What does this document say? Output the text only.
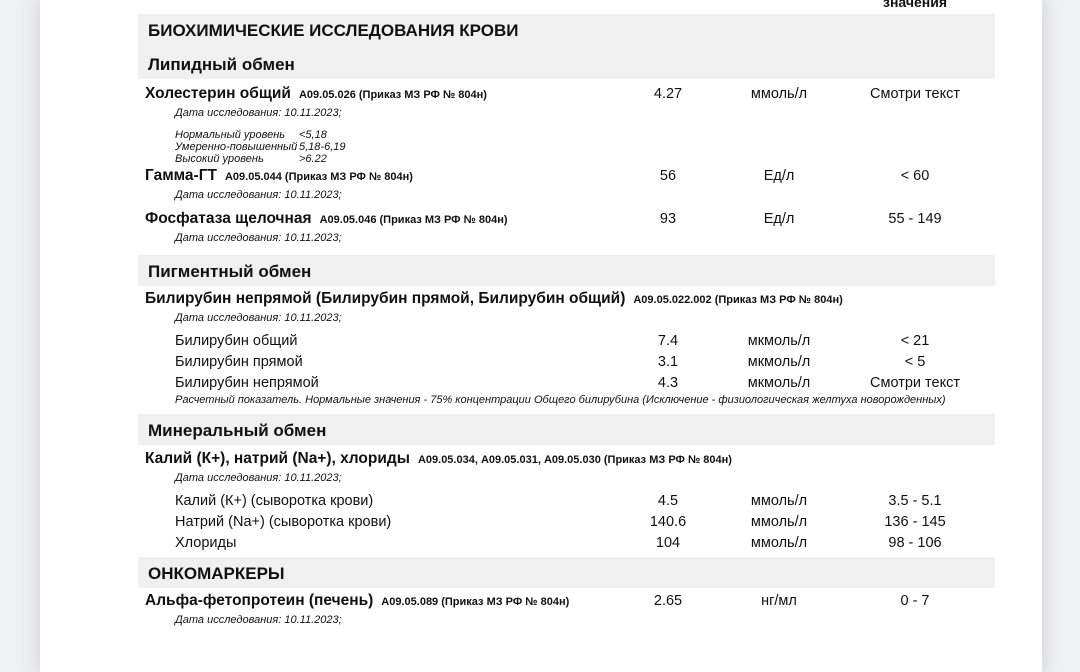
значения
БИОХИМИЧЕСКИЕ ИССЛЕДОВАНИЯ КРОВИ
Липидный обмен
Холестерин общий А09.05.026 (Приказ МЗ РФ № 804н)	4.27	ммоль/л	Смотри текст
Дата исследования: 10.11.2023;
Нормальный уровень	<5,18
Умеренно-повышенный 5,18-6,19
Высокий уровень	>6.22
Гамма-ГТ А09.05.044 (Приказ МЗ РФ № 804н)	56	Ед/л	< 60
Дата исследования: 10.11.2023;
Фосфатаза щелочная А09.05.046 (Приказ МЗ РФ № 804н)	93	Ед/л	55 - 149
Дата исследования: 10.11.2023;
Пигментный обмен
Билирубин непрямой (Билирубин прямой, Билирубин общий) А09.05.022.002 (Приказ МЗ РФ № 804н)
Дата исследования: 10.11.2023;
Билирубин общий	7.4	мкмоль/л	< 21
Билирубин прямой	3.1	мкмоль/л	< 5
Билирубин непрямой	4.3	мкмоль/л	Смотри текст
Расчетный показатель. Нормальные значения - 75% концентрации Общего билирубина (Исключение - физиологическая желтуха новорожденных)
Минеральный обмен
Калий (К+), натрий (Na+), хлориды А09.05.034, А09.05.031, А09.05.030 (Приказ МЗ РФ № 804н)
Дата исследования: 10.11.2023;
Калий (К+) (сыворотка крови)	4.5	ммоль/л	3.5 - 5.1
Натрий (Na+) (сыворотка крови)	140.6	ммоль/л	136 - 145
Хлориды	104	ммоль/л	98 - 106
ОНКОМАРКЕРЫ
Альфа-фетопротеин (печень) А09.05.089 (Приказ МЗ РФ № 804н)	2.65	нг/мл	0 - 7
Дата исследования: 10.11.2023;
